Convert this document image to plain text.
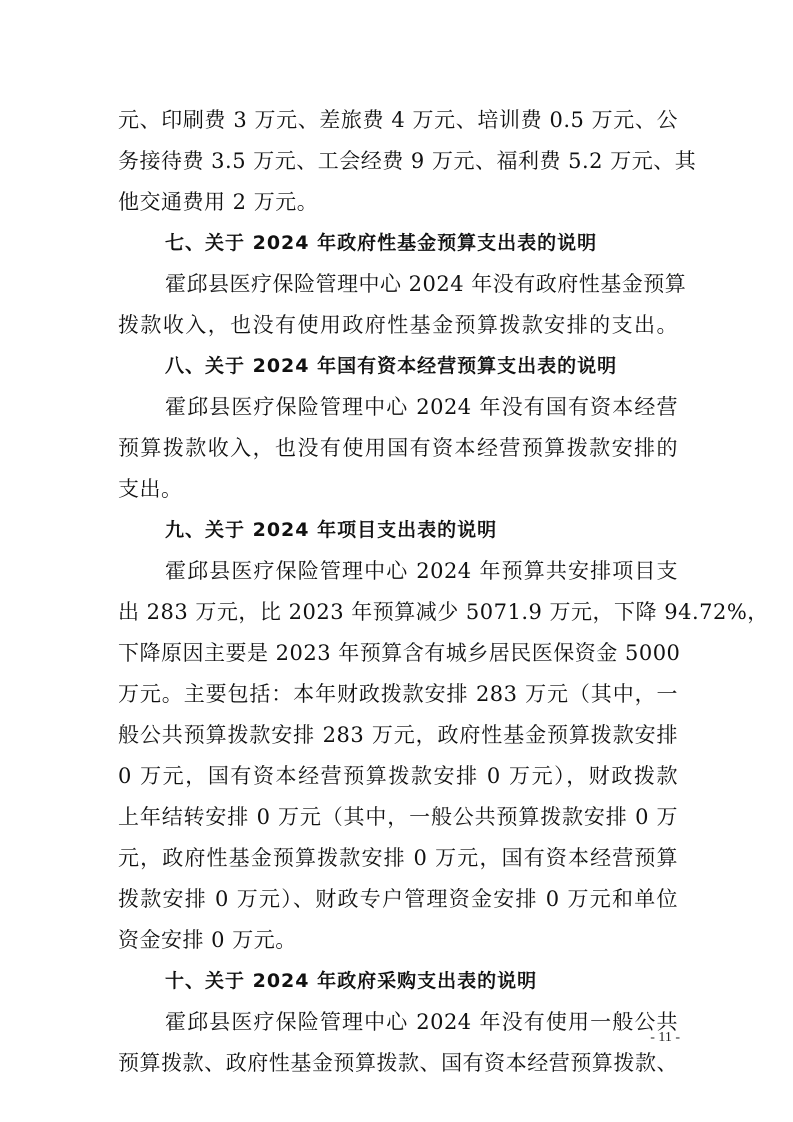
元、印刷费 3 万元、差旅费 4 万元、培训费 0.5 万元、公
务接待费 3.5 万元、工会经费 9 万元、福利费 5.2 万元、其
他交通费用 2 万元。
七、关于 2024 年政府性基金预算支出表的说明
霍邱县医疗保险管理中心 2024 年没有政府性基金预算
拨款收入，也没有使用政府性基金预算拨款安排的支出。
八、关于 2024 年国有资本经营预算支出表的说明
霍邱县医疗保险管理中心 2024 年没有国有资本经营
预算拨款收入，也没有使用国有资本经营预算拨款安排的
支出。
九、关于 2024 年项目支出表的说明
霍邱县医疗保险管理中心 2024 年预算共安排项目支
出 283 万元，比 2023 年预算减少 5071.9 万元，下降 94.72%，
下降原因主要是 2023 年预算含有城乡居民医保资金 5000
万元。主要包括：本年财政拨款安排 283 万元（其中，一
般公共预算拨款安排 283 万元，政府性基金预算拨款安排
0 万元，国有资本经营预算拨款安排 0 万元），财政拨款
上年结转安排 0 万元（其中，一般公共预算拨款安排 0 万
元，政府性基金预算拨款安排 0 万元，国有资本经营预算
拨款安排 0 万元）、财政专户管理资金安排 0 万元和单位
资金安排 0 万元。
十、关于 2024 年政府采购支出表的说明
霍邱县医疗保险管理中心 2024 年没有使用一般公共
预算拨款、政府性基金预算拨款、国有资本经营预算拨款、
- 11 -
